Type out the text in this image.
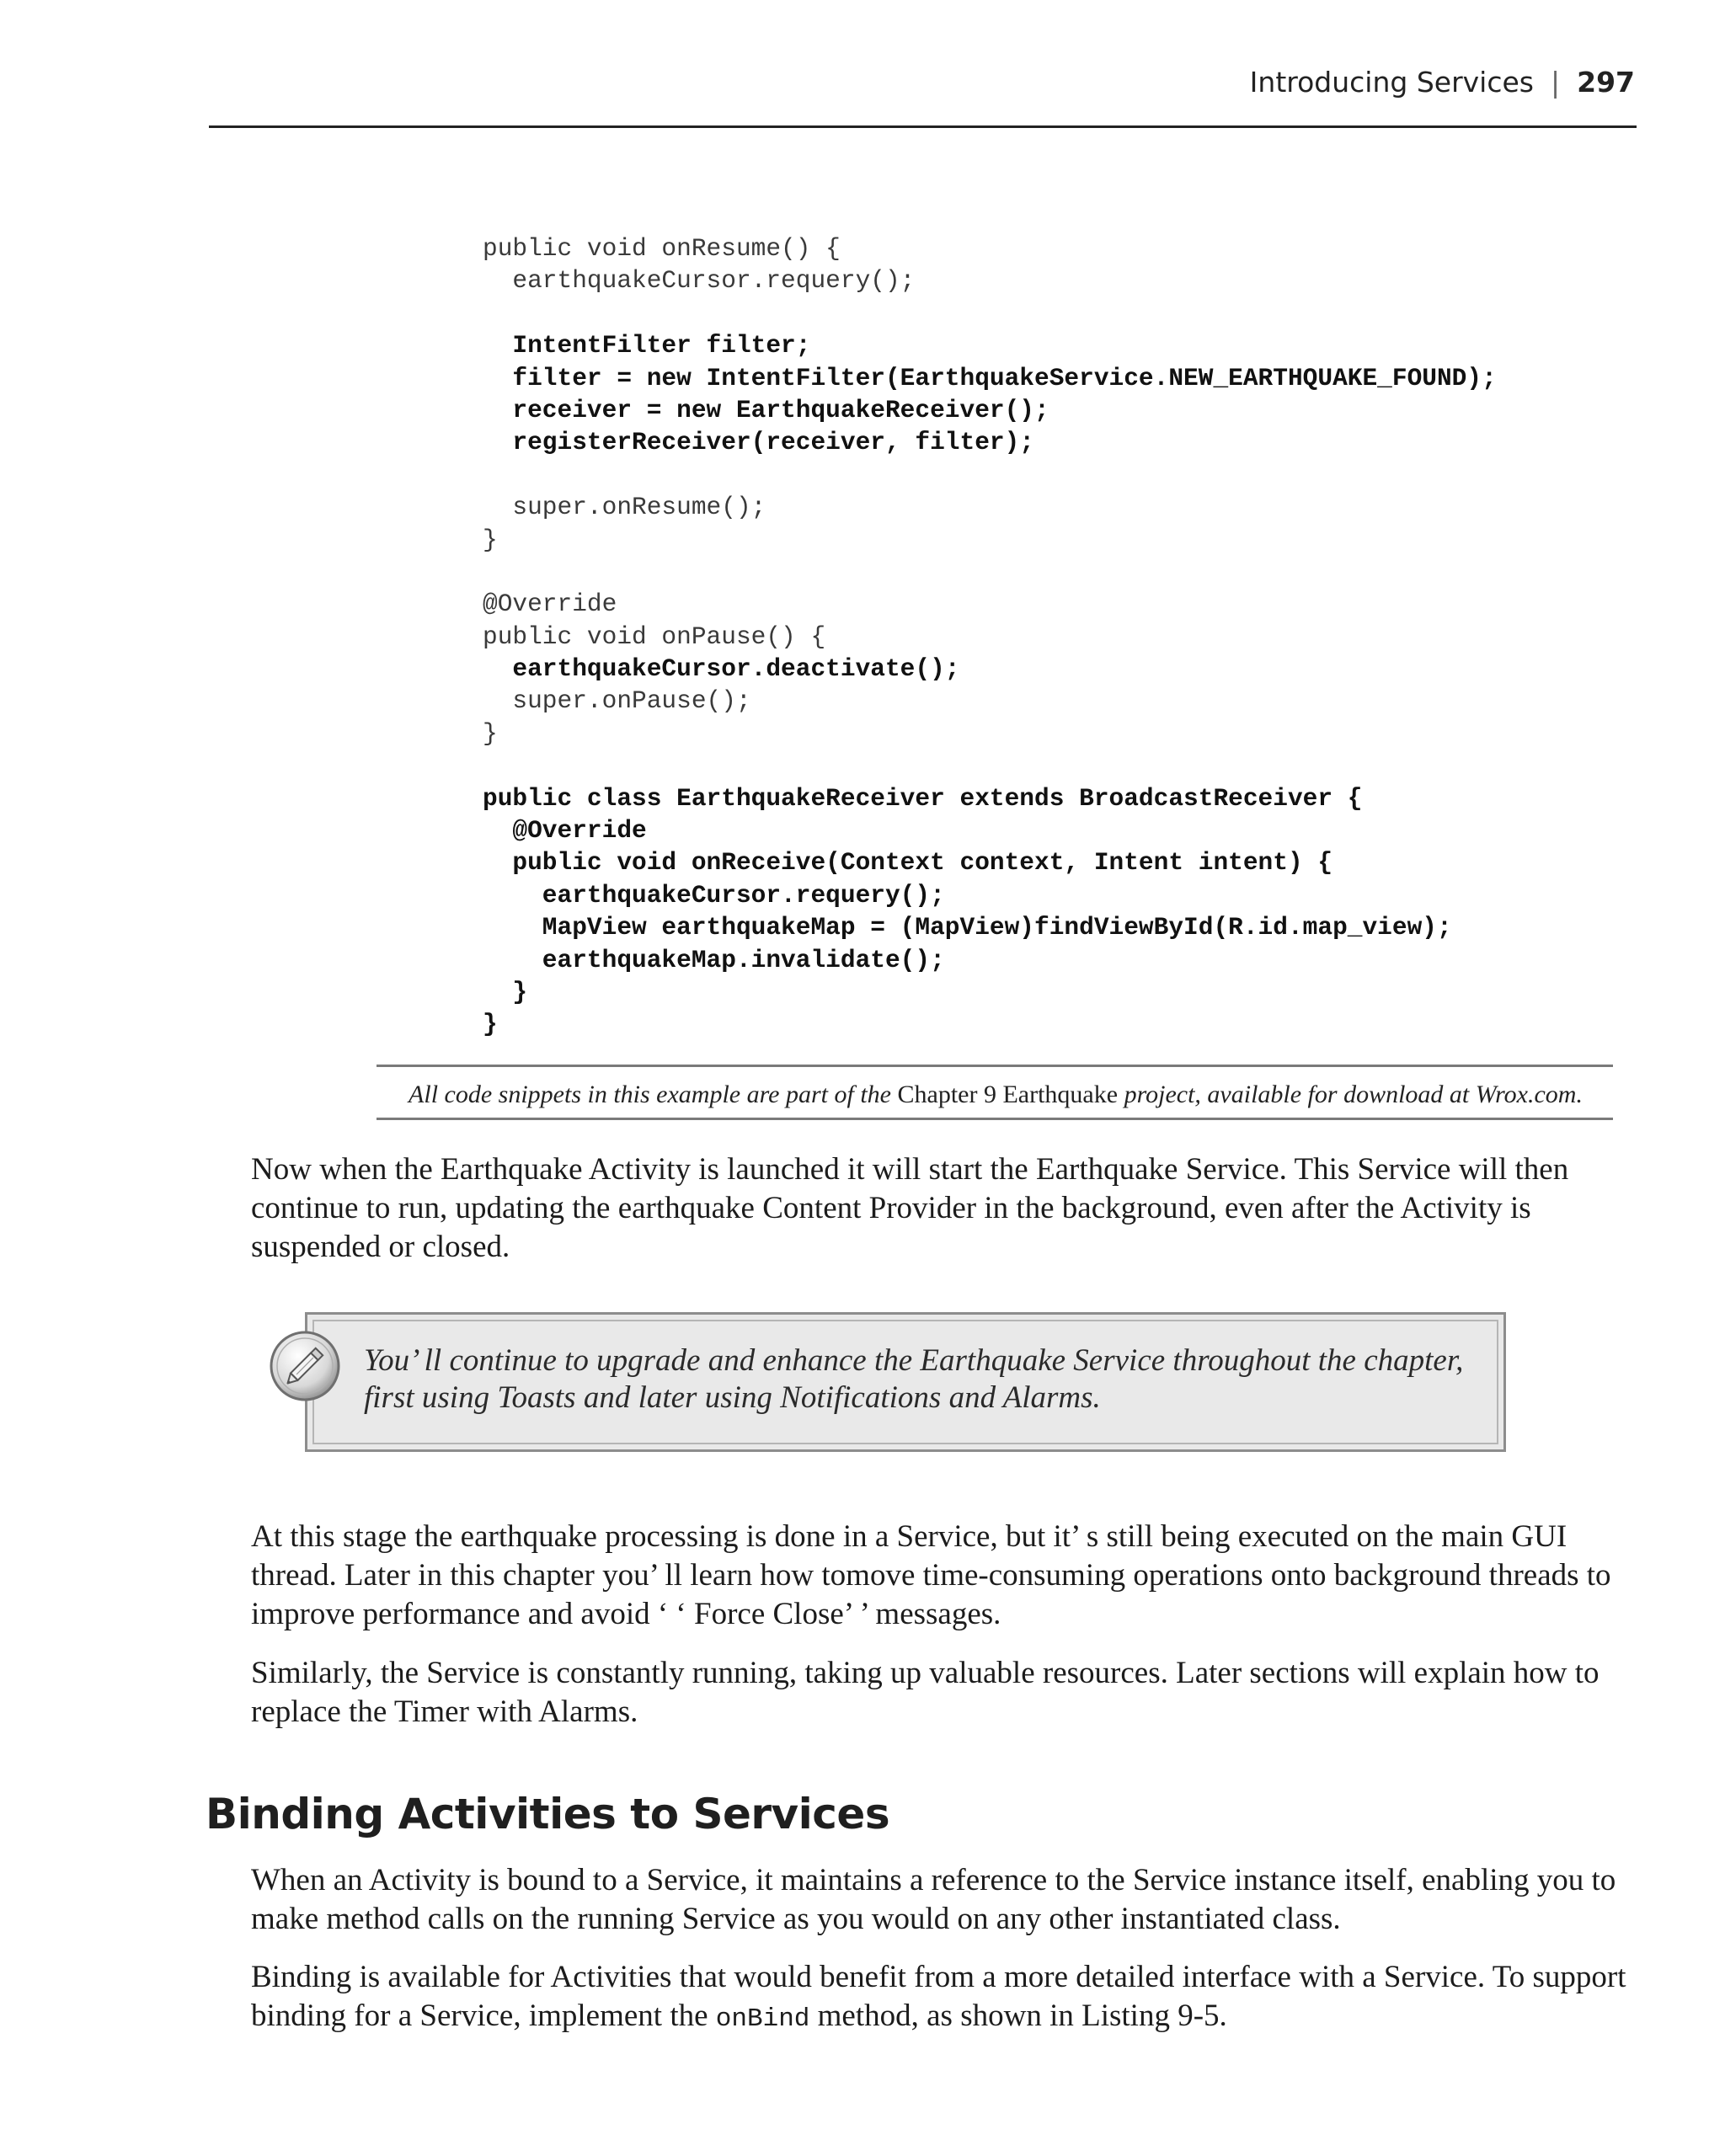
Introducing Services | 297
public void onResume() {
earthquakeCursor.requery();
IntentFilter filter;
filter = new IntentFilter(EarthquakeService.NEW_EARTHQUAKE_FOUND);
receiver = new EarthquakeReceiver();
registerReceiver(receiver, filter);
super.onResume();
}
@Override
public void onPause() {
earthquakeCursor.deactivate();
super.onPause();
}
public class EarthquakeReceiver extends BroadcastReceiver {
@Override
public void onReceive(Context context, Intent intent) {
earthquakeCursor.requery();
MapView earthquakeMap = (MapView)findViewById(R.id.map_view);
earthquakeMap.invalidate();
}
}
All code snippets in this example are part of the Chapter 9 Earthquake project, available for download at Wrox.com.

Now when the Earthquake Activity is launched it will start the Earthquake Service. This Service will then continue to run, updating the earthquake Content Provider in the background, even after the Activity is suspended or closed.

You’ ll continue to upgrade and enhance the Earthquake Service throughout the chapter, first using Toasts and later using Notifications and Alarms.

At this stage the earthquake processing is done in a Service, but it’ s still being executed on the main GUI thread. Later in this chapter you’ ll learn how tomove time-consuming operations onto background threads to improve performance and avoid ‘ ‘ Force Close’ ’ messages.

Similarly, the Service is constantly running, taking up valuable resources. Later sections will explain how to replace the Timer with Alarms.

Binding Activities to Services

When an Activity is bound to a Service, it maintains a reference to the Service instance itself, enabling you to make method calls on the running Service as you would on any other instantiated class.

Binding is available for Activities that would benefit from a more detailed interface with a Service. To support binding for a Service, implement the onBind method, as shown in Listing 9-5.
